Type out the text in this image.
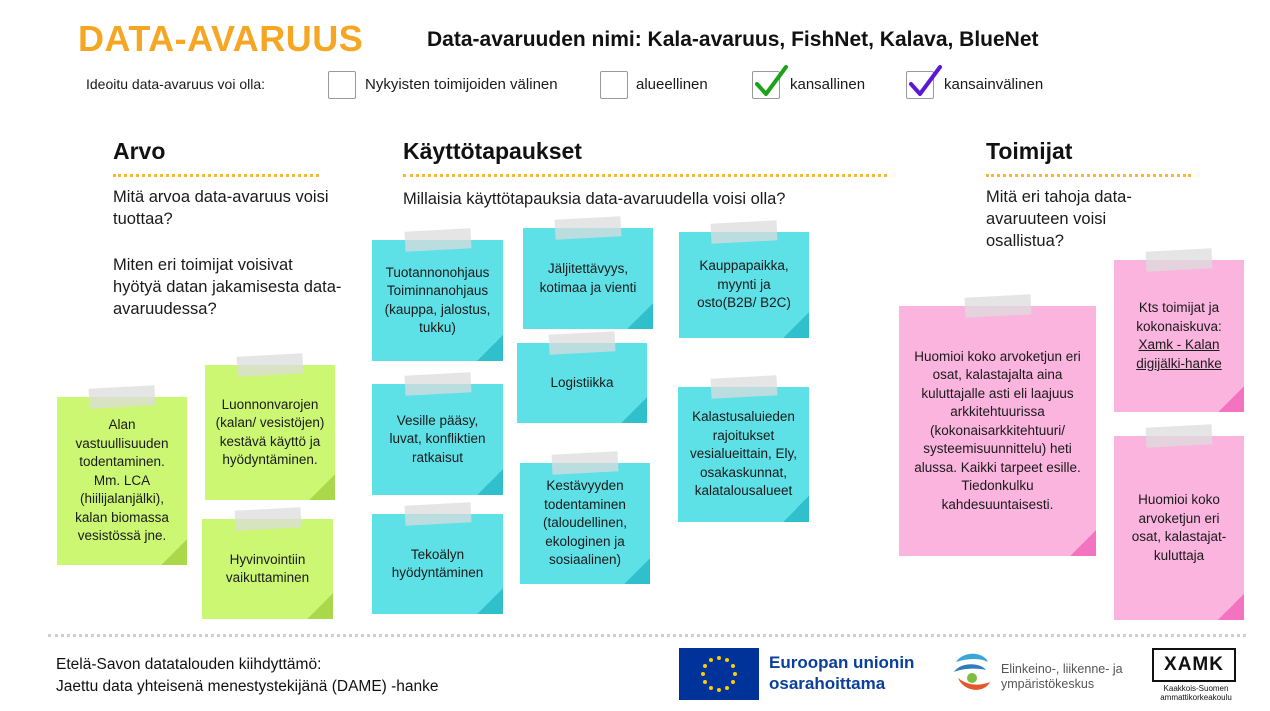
DATA-AVARUUS	Data-avaruuden nimi: Kala-avaruus, FishNet, Kalava, BlueNet
Ideoitu data-avaruus voi olla:	Nykyisten toimijoiden välinen	alueellinen	kansallinen	kansainvälinen
Arvo
Mitä arvoa data-avaruus voisi tuottaa?
Miten eri toimijat voisivat hyötyä datan jakamisesta data-avaruudessa?
Alan vastuullisuuden todentaminen. Mm. LCA (hiilijalanjälki), kalan biomassa vesistössä jne.
Luonnonvarojen (kalan/ vesistöjen) kestävä käyttö ja hyödyntäminen.
Hyvinvointiin vaikuttaminen
Käyttötapaukset
Millaisia käyttötapauksia data-avaruudella voisi olla?
Tuotannonohjaus Toiminnanohjaus (kauppa, jalostus, tukku)
Jäljitettävyys, kotimaa ja vienti
Kauppapaikka, myynti ja osto(B2B/ B2C)
Logistiikka
Vesille pääsy, luvat, konfliktien ratkaisut
Kalastusaluieden rajoitukset vesialueittain, Ely, osakaskunnat, kalatalousalueet
Kestävyyden todentaminen (taloudellinen, ekologinen ja sosiaalinen)
Tekoälyn hyödyntäminen
Toimijat
Mitä eri tahoja data-avaruuteen voisi osallistua?
Huomioi koko arvoketjun eri osat, kalastajalta aina kuluttajalle asti eli laajuus arkkitehtuurissa (kokonaisarkkitehtuuri/ systeemisuunnittelu) heti alussa. Kaikki tarpeet esille. Tiedonkulku kahdesuuntaisesti.
Kts toimijat ja kokonaiskuva:
Xamk - Kalan digijälki-hanke
Huomioi koko arvoketjun eri osat, kalastajat-kuluttaja
Etelä-Savon datatalouden kiihdyttämö:
Jaettu data yhteisenä menestystekijänä (DAME) -hanke
Euroopan unionin
osarahoittama
Elinkeino-, liikenne- ja
ympäristökeskus
XAMK
Kaakkois-Suomen
ammattikorkeakoulu
